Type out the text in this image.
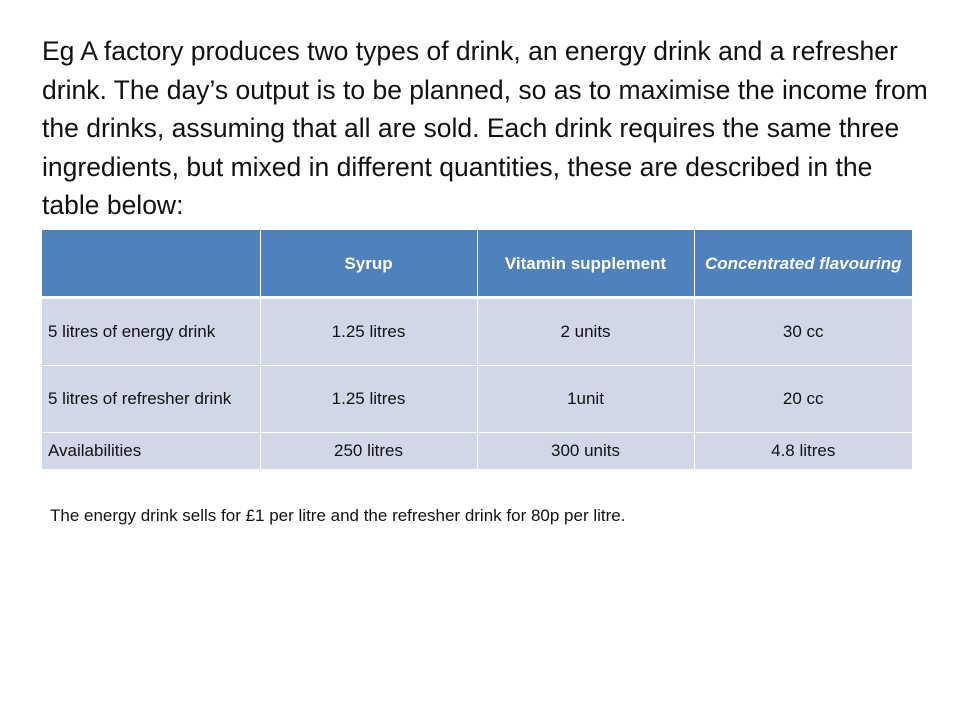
Eg A factory produces two types of drink, an energy drink and a refresher drink. The day’s output is to be planned, so as to maximise the income from the drinks, assuming that all are sold. Each drink requires the same three ingredients, but mixed in different quantities, these are described in the table below:

	Syrup	Vitamin supplement	Concentrated flavouring
5 litres of energy drink	1.25 litres	2 units	30 cc
5 litres of refresher drink	1.25 litres	1unit	20 cc
Availabilities	250 litres	300 units	4.8 litres

The energy drink sells for £1 per litre and the refresher drink for 80p per litre.
